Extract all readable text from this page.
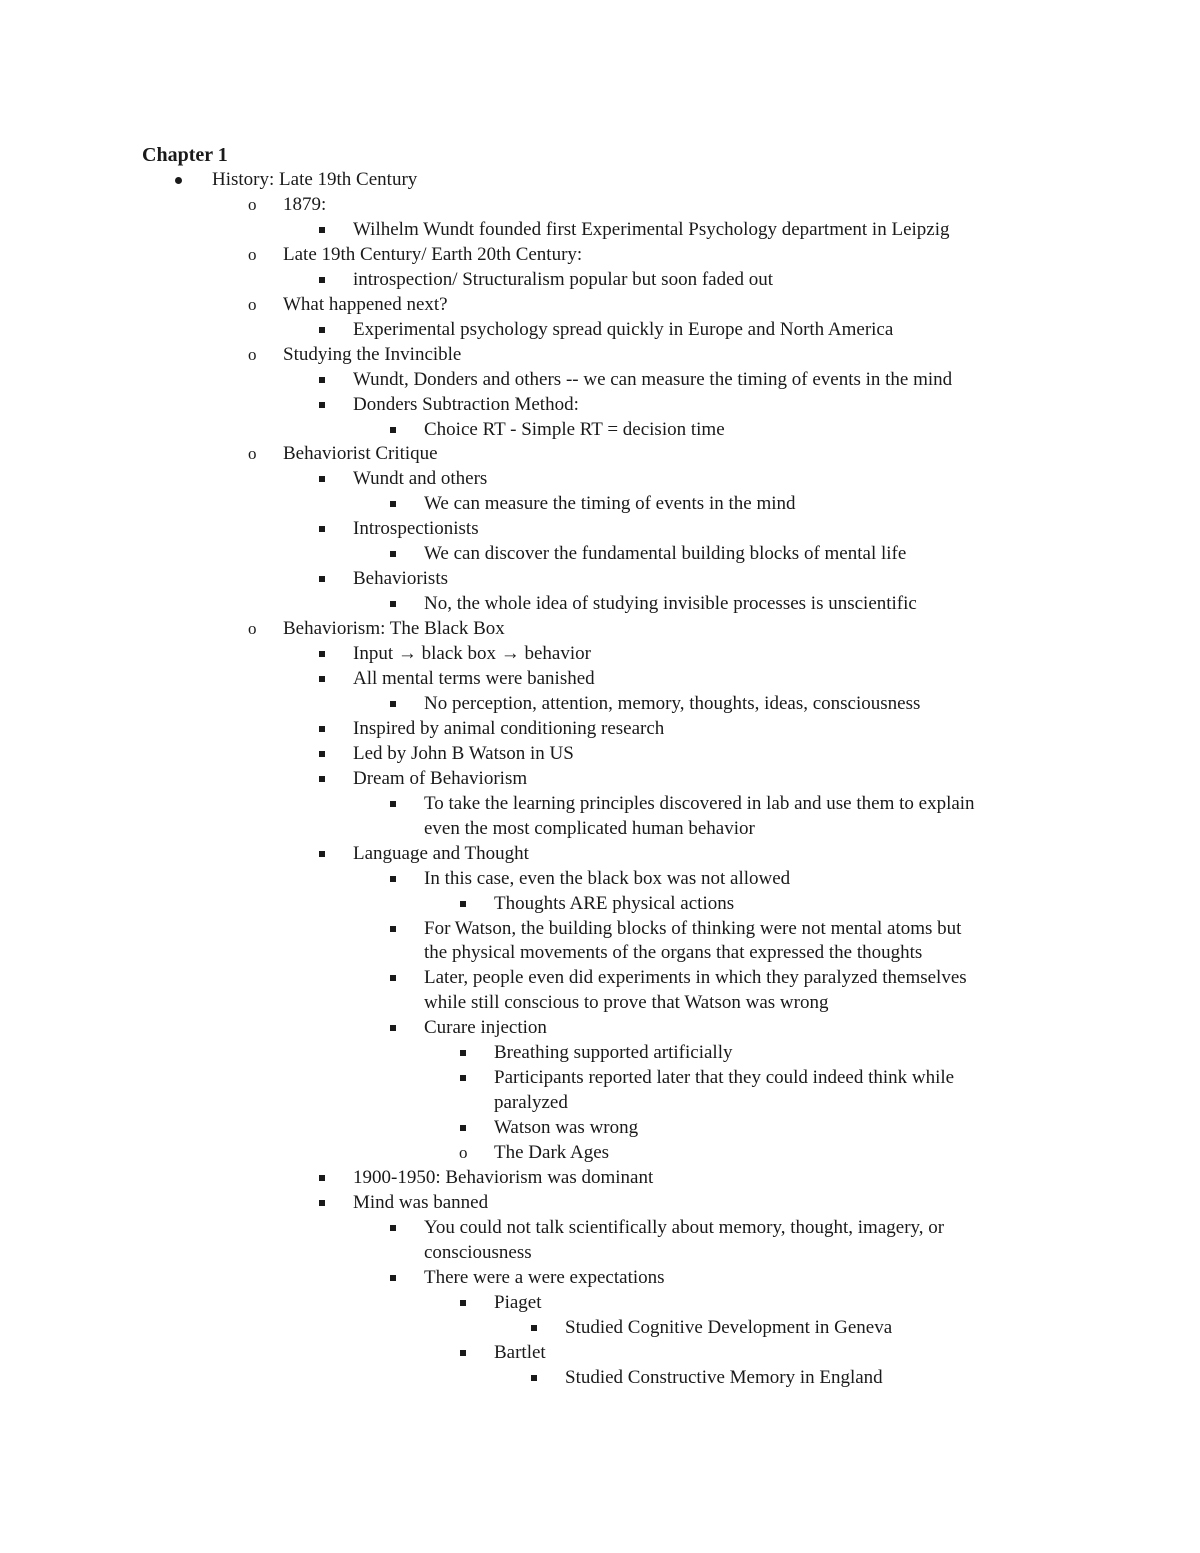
Chapter 1
History: Late 19th Century
o 1879:
Wilhelm Wundt founded first Experimental Psychology department in Leipzig
o Late 19th Century/ Earth 20th Century:
introspection/ Structuralism popular but soon faded out
o What happened next?
Experimental psychology spread quickly in Europe and North America
o Studying the Invincible
Wundt, Donders and others -- we can measure the timing of events in the mind
Donders Subtraction Method:
Choice RT - Simple RT = decision time
o Behaviorist Critique
Wundt and others
We can measure the timing of events in the mind
Introspectionists
We can discover the fundamental building blocks of mental life
Behaviorists
No, the whole idea of studying invisible processes is unscientific
o Behaviorism: The Black Box
Input → black box → behavior
All mental terms were banished
No perception, attention, memory, thoughts, ideas, consciousness
Inspired by animal conditioning research
Led by John B Watson in US
Dream of Behaviorism
To take the learning principles discovered in lab and use them to explain
even the most complicated human behavior
Language and Thought
In this case, even the black box was not allowed
Thoughts ARE physical actions
For Watson, the building blocks of thinking were not mental atoms but
the physical movements of the organs that expressed the thoughts
Later, people even did experiments in which they paralyzed themselves
while still conscious to prove that Watson was wrong
Curare injection
Breathing supported artificially
Participants reported later that they could indeed think while
paralyzed
Watson was wrong
o The Dark Ages
1900-1950: Behaviorism was dominant
Mind was banned
You could not talk scientifically about memory, thought, imagery, or
consciousness
There were a were expectations
Piaget
Studied Cognitive Development in Geneva
Bartlet
Studied Constructive Memory in England
